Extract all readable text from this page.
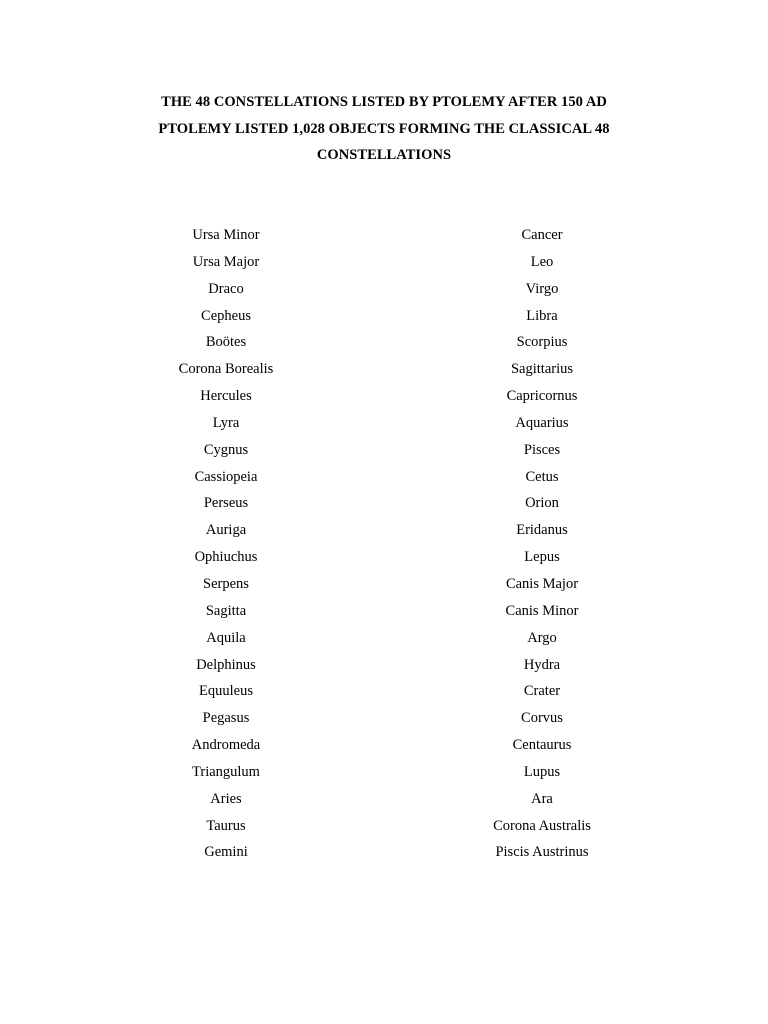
THE 48 CONSTELLATIONS LISTED BY PTOLEMY AFTER 150 AD
PTOLEMY LISTED 1,028 OBJECTS FORMING THE CLASSICAL 48
CONSTELLATIONS
Ursa Minor
Ursa Major
Draco
Cepheus
Boötes
Corona Borealis
Hercules
Lyra
Cygnus
Cassiopeia
Perseus
Auriga
Ophiuchus
Serpens
Sagitta
Aquila
Delphinus
Equuleus
Pegasus
Andromeda
Triangulum
Aries
Taurus
Gemini
Cancer
Leo
Virgo
Libra
Scorpius
Sagittarius
Capricornus
Aquarius
Pisces
Cetus
Orion
Eridanus
Lepus
Canis Major
Canis Minor
Argo
Hydra
Crater
Corvus
Centaurus
Lupus
Ara
Corona Australis
Piscis Austrinus
